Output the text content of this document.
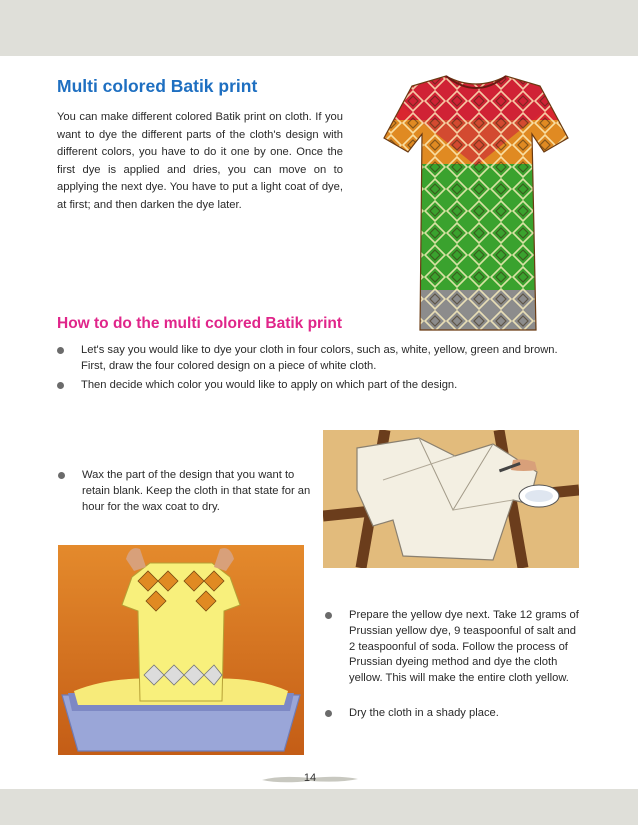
Multi colored Batik print

You can make different colored Batik print on cloth. If you want to dye the different parts of the cloth's design with different colors, you have to do it one by one. Once the first dye is applied and dries, you can move on to applying the next dye. You have to put a light coat of dye, at first; and then darken the dye later.

How to do the multi colored Batik print

Let's say you would like to dye your cloth in four colors, such as, white, yellow, green and brown. First, draw the four colored design on a piece of white cloth.

Then decide which color you would like to apply on which part of the design.

Wax the part of the design that you want to retain blank. Keep the cloth in that state for an hour for the wax coat to dry.

Prepare the yellow dye next. Take 12 grams of Prussian yellow dye, 9 teaspoonful of salt and 2 teaspoonful of soda. Follow the process of Prussian dyeing method and dye the cloth yellow. This will make the entire cloth yellow.

Dry the cloth in a shady place.

14
